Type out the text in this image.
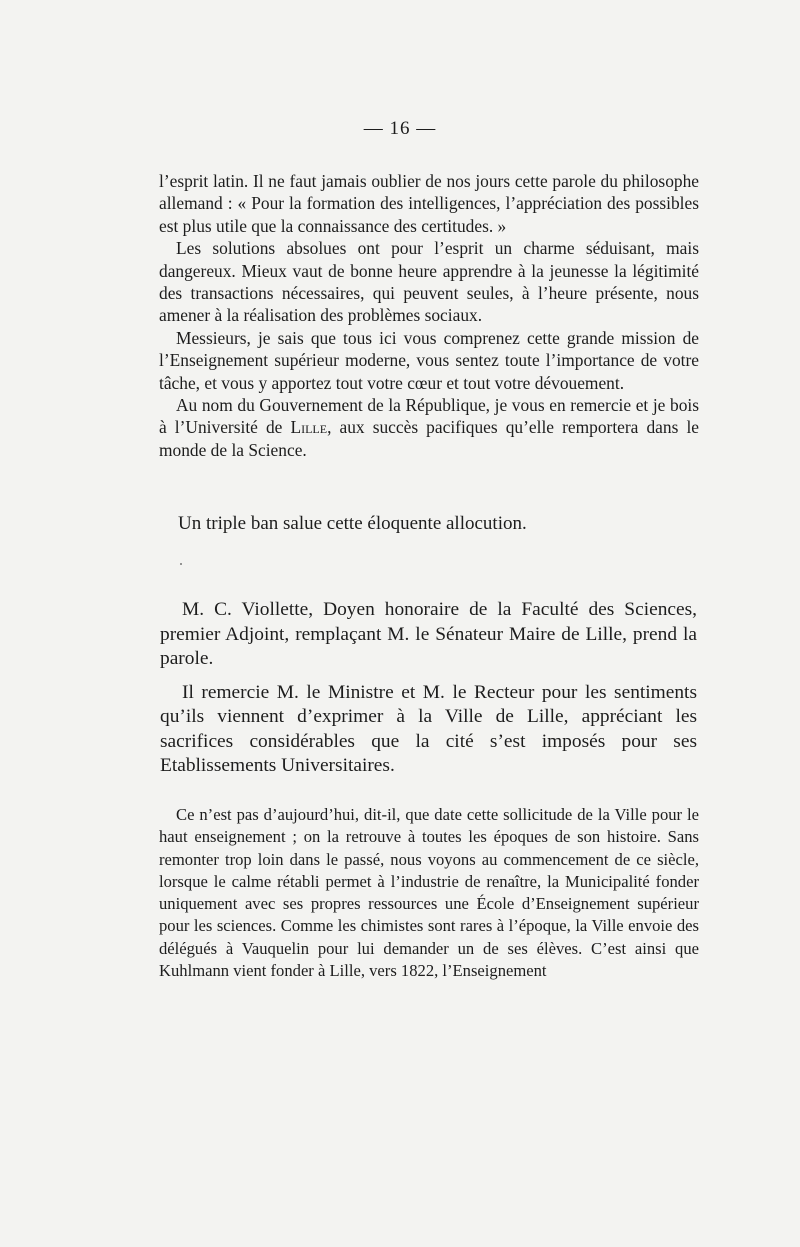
— 16 —

l’esprit latin. Il ne faut jamais oublier de nos jours cette parole du philosophe allemand : « Pour la formation des intelligences, l’appréciation des possibles est plus utile que la connaissance des certitudes. »

Les solutions absolues ont pour l’esprit un charme séduisant, mais dangereux. Mieux vaut de bonne heure apprendre à la jeunesse la légitimité des transactions nécessaires, qui peuvent seules, à l’heure présente, nous amener à la réalisation des problèmes sociaux.

Messieurs, je sais que tous ici vous comprenez cette grande mission de l’Enseignement supérieur moderne, vous sentez toute l’importance de votre tâche, et vous y apportez tout votre cœur et tout votre dévouement.

Au nom du Gouvernement de la République, je vous en remercie et je bois à l’Université de Lille, aux succès pacifiques qu’elle remportera dans le monde de la Science.

Un triple ban salue cette éloquente allocution.

M. C. Viollette, Doyen honoraire de la Faculté des Sciences, premier Adjoint, remplaçant M. le Sénateur Maire de Lille, prend la parole.

Il remercie M. le Ministre et M. le Recteur pour les sentiments qu’ils viennent d’exprimer à la Ville de Lille, appréciant les sacrifices considérables que la cité s’est imposés pour ses Etablissements Universitaires.

Ce n’est pas d’aujourd’hui, dit-il, que date cette sollicitude de la Ville pour le haut enseignement ; on la retrouve à toutes les époques de son histoire. Sans remonter trop loin dans le passé, nous voyons au commencement de ce siècle, lorsque le calme rétabli permet à l’industrie de renaître, la Municipalité fonder uniquement avec ses propres ressources une École d’Enseignement supérieur pour les sciences. Comme les chimistes sont rares à l’époque, la Ville envoie des délégués à Vauquelin pour lui demander un de ses élèves. C’est ainsi que Kuhlmann vient fonder à Lille, vers 1822, l’Enseignement
